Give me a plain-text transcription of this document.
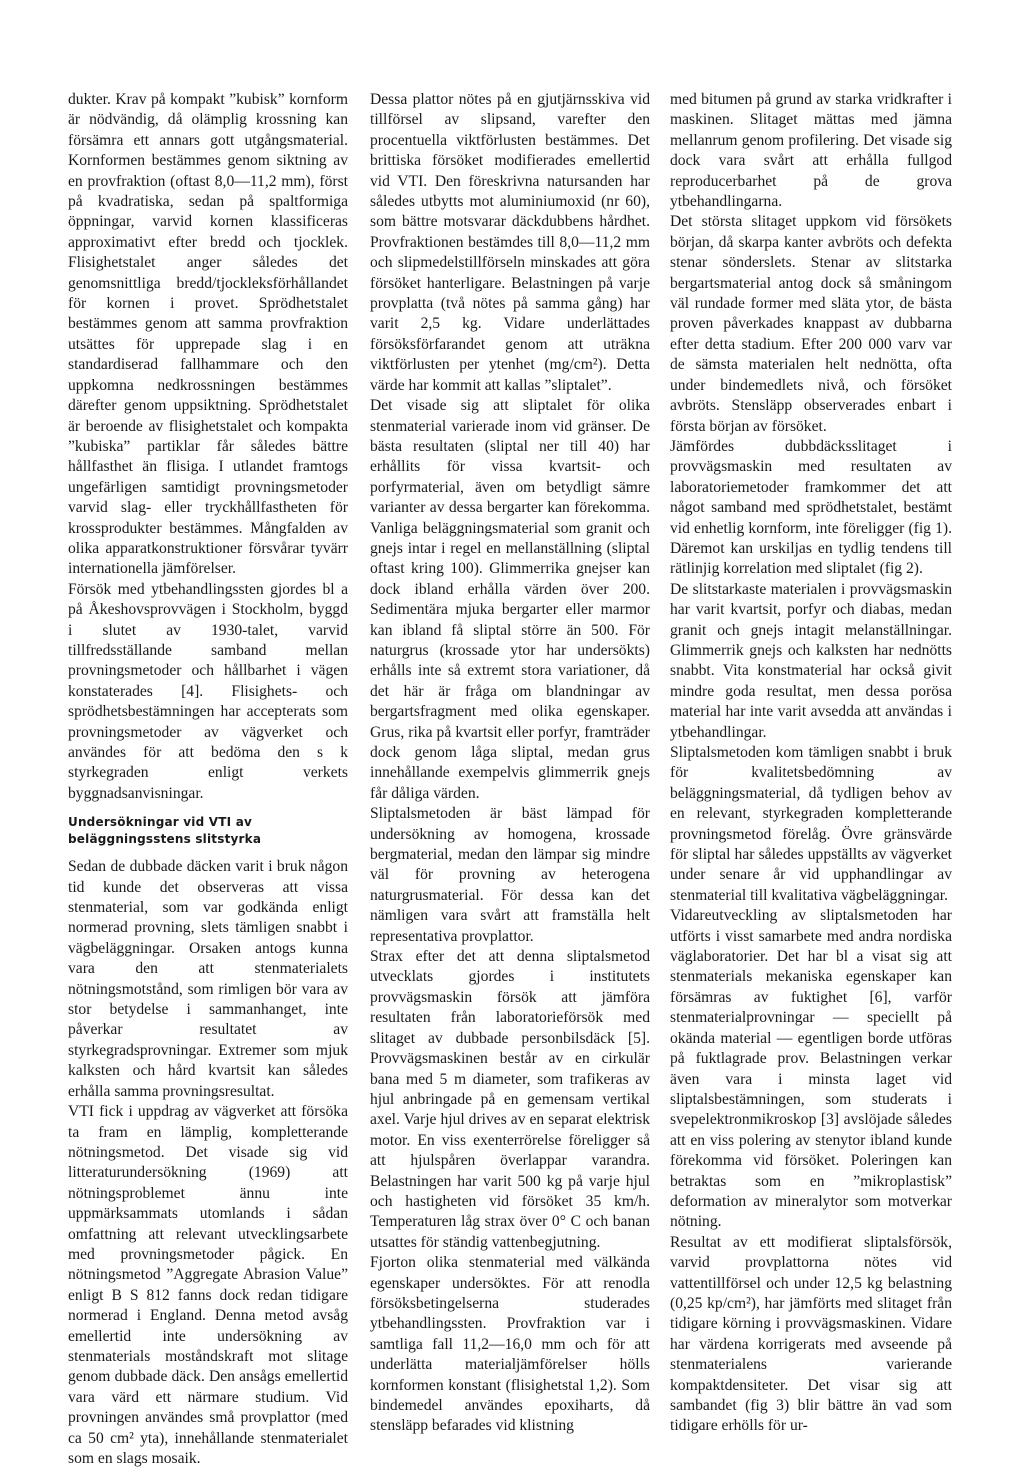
dukter. Krav på kompakt ”kubisk” kornform är nödvändig, då olämplig krossning kan försämra ett annars gott utgångsmaterial. Kornformen bestämmes genom siktning av en provfraktion (oftast 8,0—11,2 mm), först på kvadratiska, sedan på spaltformiga öppningar, varvid kornen klassificeras approximativt efter bredd och tjocklek. Flisighetstalet anger således det genomsnittliga bredd/tjockleksförhållandet för kornen i provet. Sprödhetstalet bestämmes genom att samma provfraktion utsättes för upprepade slag i en standardiserad fallhammare och den uppkomna nedkrossningen bestämmes därefter genom uppsiktning. Sprödhetstalet är beroende av flisighetstalet och kompakta ”kubiska” partiklar får således bättre hållfasthet än flisiga. I utlandet framtogs ungefärligen samtidigt provningsmetoder varvid slag- eller tryckhållfastheten för krossprodukter bestämmes. Mångfalden av olika apparatkonstruktioner försvårar tyvärr internationella jämförelser.

Försök med ytbehandlingssten gjordes bl a på Åkeshovsprovvägen i Stockholm, byggd i slutet av 1930-talet, varvid tillfredsställande samband mellan provningsmetoder och hållbarhet i vägen konstaterades [4]. Flisighets- och sprödhetsbestämningen har accepterats som provningsmetoder av vägverket och användes för att bedöma den s k styrkegraden enligt verkets byggnadsanvisningar.

Undersökningar vid VTI av beläggningsstens slitstyrka

Sedan de dubbade däcken varit i bruk någon tid kunde det observeras att vissa stenmaterial, som var godkända enligt normerad provning, slets tämligen snabbt i vägbeläggningar. Orsaken antogs kunna vara den att stenmaterialets nötningsmotstånd, som rimligen bör vara av stor betydelse i sammanhanget, inte påverkar resultatet av styrkegradsprovningar. Extremer som mjuk kalksten och hård kvartsit kan således erhålla samma provningsresultat.

VTI fick i uppdrag av vägverket att försöka ta fram en lämplig, kompletterande nötningsmetod. Det visade sig vid litteraturundersökning (1969) att nötningsproblemet ännu inte uppmärksammats utomlands i sådan omfattning att relevant utvecklingsarbete med provningsmetoder pågick. En nötningsmetod ”Aggregate Abrasion Value” enligt B S 812 fanns dock redan tidigare normerad i England. Denna metod avsåg emellertid inte undersökning av stenmaterials moståndskraft mot slitage genom dubbade däck. Den ansågs emellertid vara värd ett närmare studium. Vid provningen användes små provplattor (med ca 50 cm² yta), innehållande stenmaterialet som en slags mosaik.

Dessa plattor nötes på en gjutjärnsskiva vid tillförsel av slipsand, varefter den procentuella viktförlusten bestämmes. Det brittiska försöket modifierades emellertid vid VTI. Den föreskrivna natursanden har således utbytts mot aluminiumoxid (nr 60), som bättre motsvarar däckdubbens hårdhet. Provfraktionen bestämdes till 8,0—11,2 mm och slipmedelstillförseln minskades att göra försöket hanterligare. Belastningen på varje provplatta (två nötes på samma gång) har varit 2,5 kg. Vidare underlättades försöksförfarandet genom att uträkna viktförlusten per ytenhet (mg/cm²). Detta värde har kommit att kallas ”sliptalet”.

Det visade sig att sliptalet för olika stenmaterial varierade inom vid gränser. De bästa resultaten (sliptal ner till 40) har erhållits för vissa kvartsit- och porfyrmaterial, även om betydligt sämre varianter av dessa bergarter kan förekomma. Vanliga beläggningsmaterial som granit och gnejs intar i regel en mellanställning (sliptal oftast kring 100). Glimmerrika gnejser kan dock ibland erhålla värden över 200. Sedimentära mjuka bergarter eller marmor kan ibland få sliptal större än 500. För naturgrus (krossade ytor har undersökts) erhålls inte så extremt stora variationer, då det här är fråga om blandningar av bergartsfragment med olika egenskaper. Grus, rika på kvartsit eller porfyr, framträder dock genom låga sliptal, medan grus innehållande exempelvis glimmerrik gnejs får dåliga värden.

Sliptalsmetoden är bäst lämpad för undersökning av homogena, krossade bergmaterial, medan den lämpar sig mindre väl för provning av heterogena naturgrusmaterial. För dessa kan det nämligen vara svårt att framställa helt representativa provplattor.

Strax efter det att denna sliptalsmetod utvecklats gjordes i institutets provvägsmaskin försök att jämföra resultaten från laboratorieförsök med slitaget av dubbade personbilsdäck [5]. Provvägsmaskinen består av en cirkulär bana med 5 m diameter, som trafikeras av hjul anbringade på en gemensam vertikal axel. Varje hjul drives av en separat elektrisk motor. En viss exenterrörelse föreligger så att hjulspåren överlappar varandra. Belastningen har varit 500 kg på varje hjul och hastigheten vid försöket 35 km/h. Temperaturen låg strax över 0° C och banan utsattes för ständig vattenbegjutning.

Fjorton olika stenmaterial med välkända egenskaper undersöktes. För att renodla försöksbetingelserna studerades ytbehandlingssten. Provfraktion var i samtliga fall 11,2—16,0 mm och för att underlätta materialjämförelser hölls kornformen konstant (flisighetstal 1,2). Som bindemedel användes epoxiharts, då stensläpp befarades vid klistning

med bitumen på grund av starka vridkrafter i maskinen. Slitaget mättas med jämna mellanrum genom profilering. Det visade sig dock vara svårt att erhålla fullgod reproducerbarhet på de grova ytbehandlingarna.

Det största slitaget uppkom vid försökets början, då skarpa kanter avbröts och defekta stenar sönderslets. Stenar av slitstarka bergartsmaterial antog dock så småningom väl rundade former med släta ytor, de bästa proven påverkades knappast av dubbarna efter detta stadium. Efter 200 000 varv var de sämsta materialen helt nednötta, ofta under bindemedlets nivå, och försöket avbröts. Stensläpp observerades enbart i första början av försöket.

Jämfördes dubbdäcksslitaget i provvägsmaskin med resultaten av laboratoriemetoder framkommer det att något samband med sprödhetstalet, bestämt vid enhetlig kornform, inte föreligger (fig 1). Däremot kan urskiljas en tydlig tendens till rätlinjig korrelation med sliptalet (fig 2).

De slitstarkaste materialen i provvägsmaskin har varit kvartsit, porfyr och diabas, medan granit och gnejs intagit melanställningar. Glimmerrik gnejs och kalksten har nednötts snabbt. Vita konstmaterial har också givit mindre goda resultat, men dessa porösa material har inte varit avsedda att användas i ytbehandlingar.

Sliptalsmetoden kom tämligen snabbt i bruk för kvalitetsbedömning av beläggningsmaterial, då tydligen behov av en relevant, styrkegraden kompletterande provningsmetod förelåg. Övre gränsvärde för sliptal har således uppställts av vägverket under senare år vid upphandlingar av stenmaterial till kvalitativa vägbeläggningar.

Vidareutveckling av sliptalsmetoden har utförts i visst samarbete med andra nordiska väglaboratorier. Det har bl a visat sig att stenmaterials mekaniska egenskaper kan försämras av fuktighet [6], varför stenmaterialprovningar — speciellt på okända material — egentligen borde utföras på fuktlagrade prov. Belastningen verkar även vara i minsta laget vid sliptalsbestämningen, som studerats i svepelektronmikroskop [3] avslöjade således att en viss polering av stenytor ibland kunde förekomma vid försöket. Poleringen kan betraktas som en ”mikroplastisk” deformation av mineralytor som motverkar nötning.

Resultat av ett modifierat sliptalsförsök, varvid provplattorna nötes vid vattentillförsel och under 12,5 kg belastning (0,25 kp/cm²), har jämförts med slitaget från tidigare körning i provvägsmaskinen. Vidare har värdena korrigerats med avseende på stenmaterialens varierande kompaktdensiteter. Det visar sig att sambandet (fig 3) blir bättre än vad som tidigare erhölls för ur-
